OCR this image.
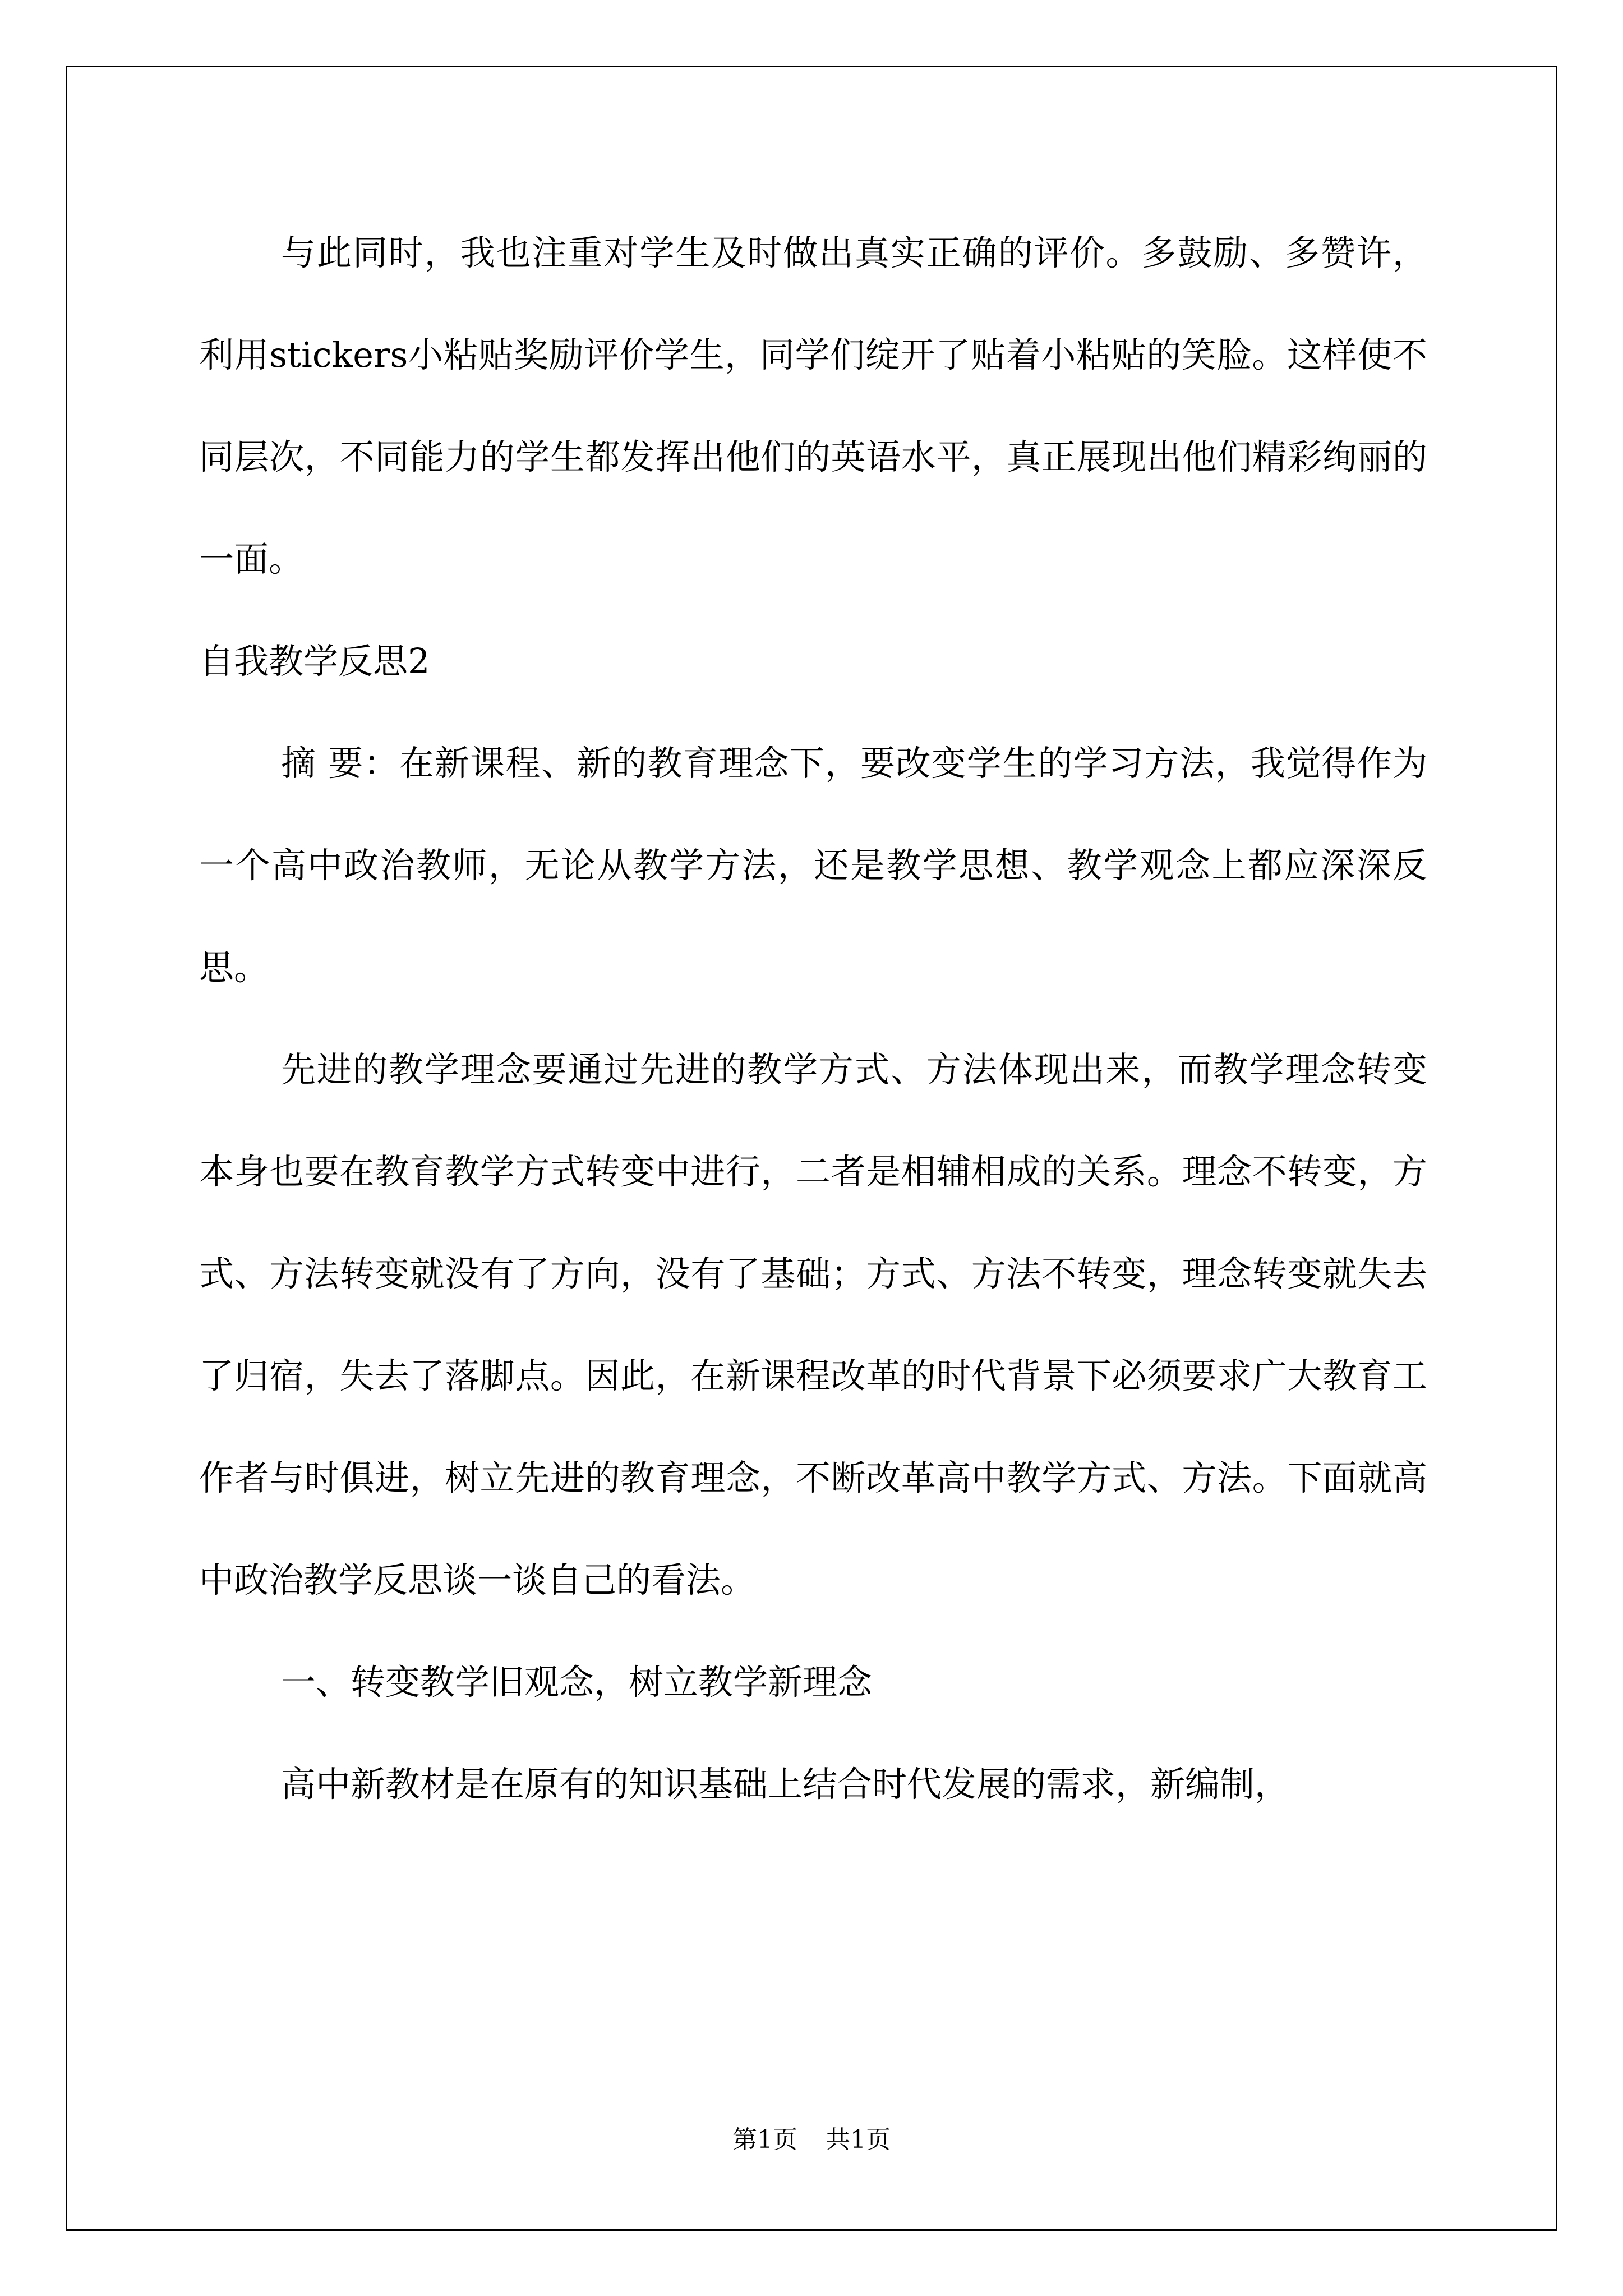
与此同时，我也注重对学生及时做出真实正确的评价。多鼓励、多赞许，利用stickers小粘贴奖励评价学生，同学们绽开了贴着小粘贴的笑脸。这样使不同层次，不同能力的学生都发挥出他们的英语水平，真正展现出他们精彩绚丽的一面。

自我教学反思2

摘 要：在新课程、新的教育理念下，要改变学生的学习方法，我觉得作为一个高中政治教师，无论从教学方法，还是教学思想、教学观念上都应深深反思。

先进的教学理念要通过先进的教学方式、方法体现出来，而教学理念转变本身也要在教育教学方式转变中进行，二者是相辅相成的关系。理念不转变，方式、方法转变就没有了方向，没有了基础；方式、方法不转变，理念转变就失去了归宿，失去了落脚点。因此，在新课程改革的时代背景下必须要求广大教育工作者与时俱进，树立先进的教育理念，不断改革高中教学方式、方法。下面就高中政治教学反思谈一谈自己的看法。

一、转变教学旧观念，树立教学新理念

高中新教材是在原有的知识基础上结合时代发展的需求，新编制，

第1页 共1页
